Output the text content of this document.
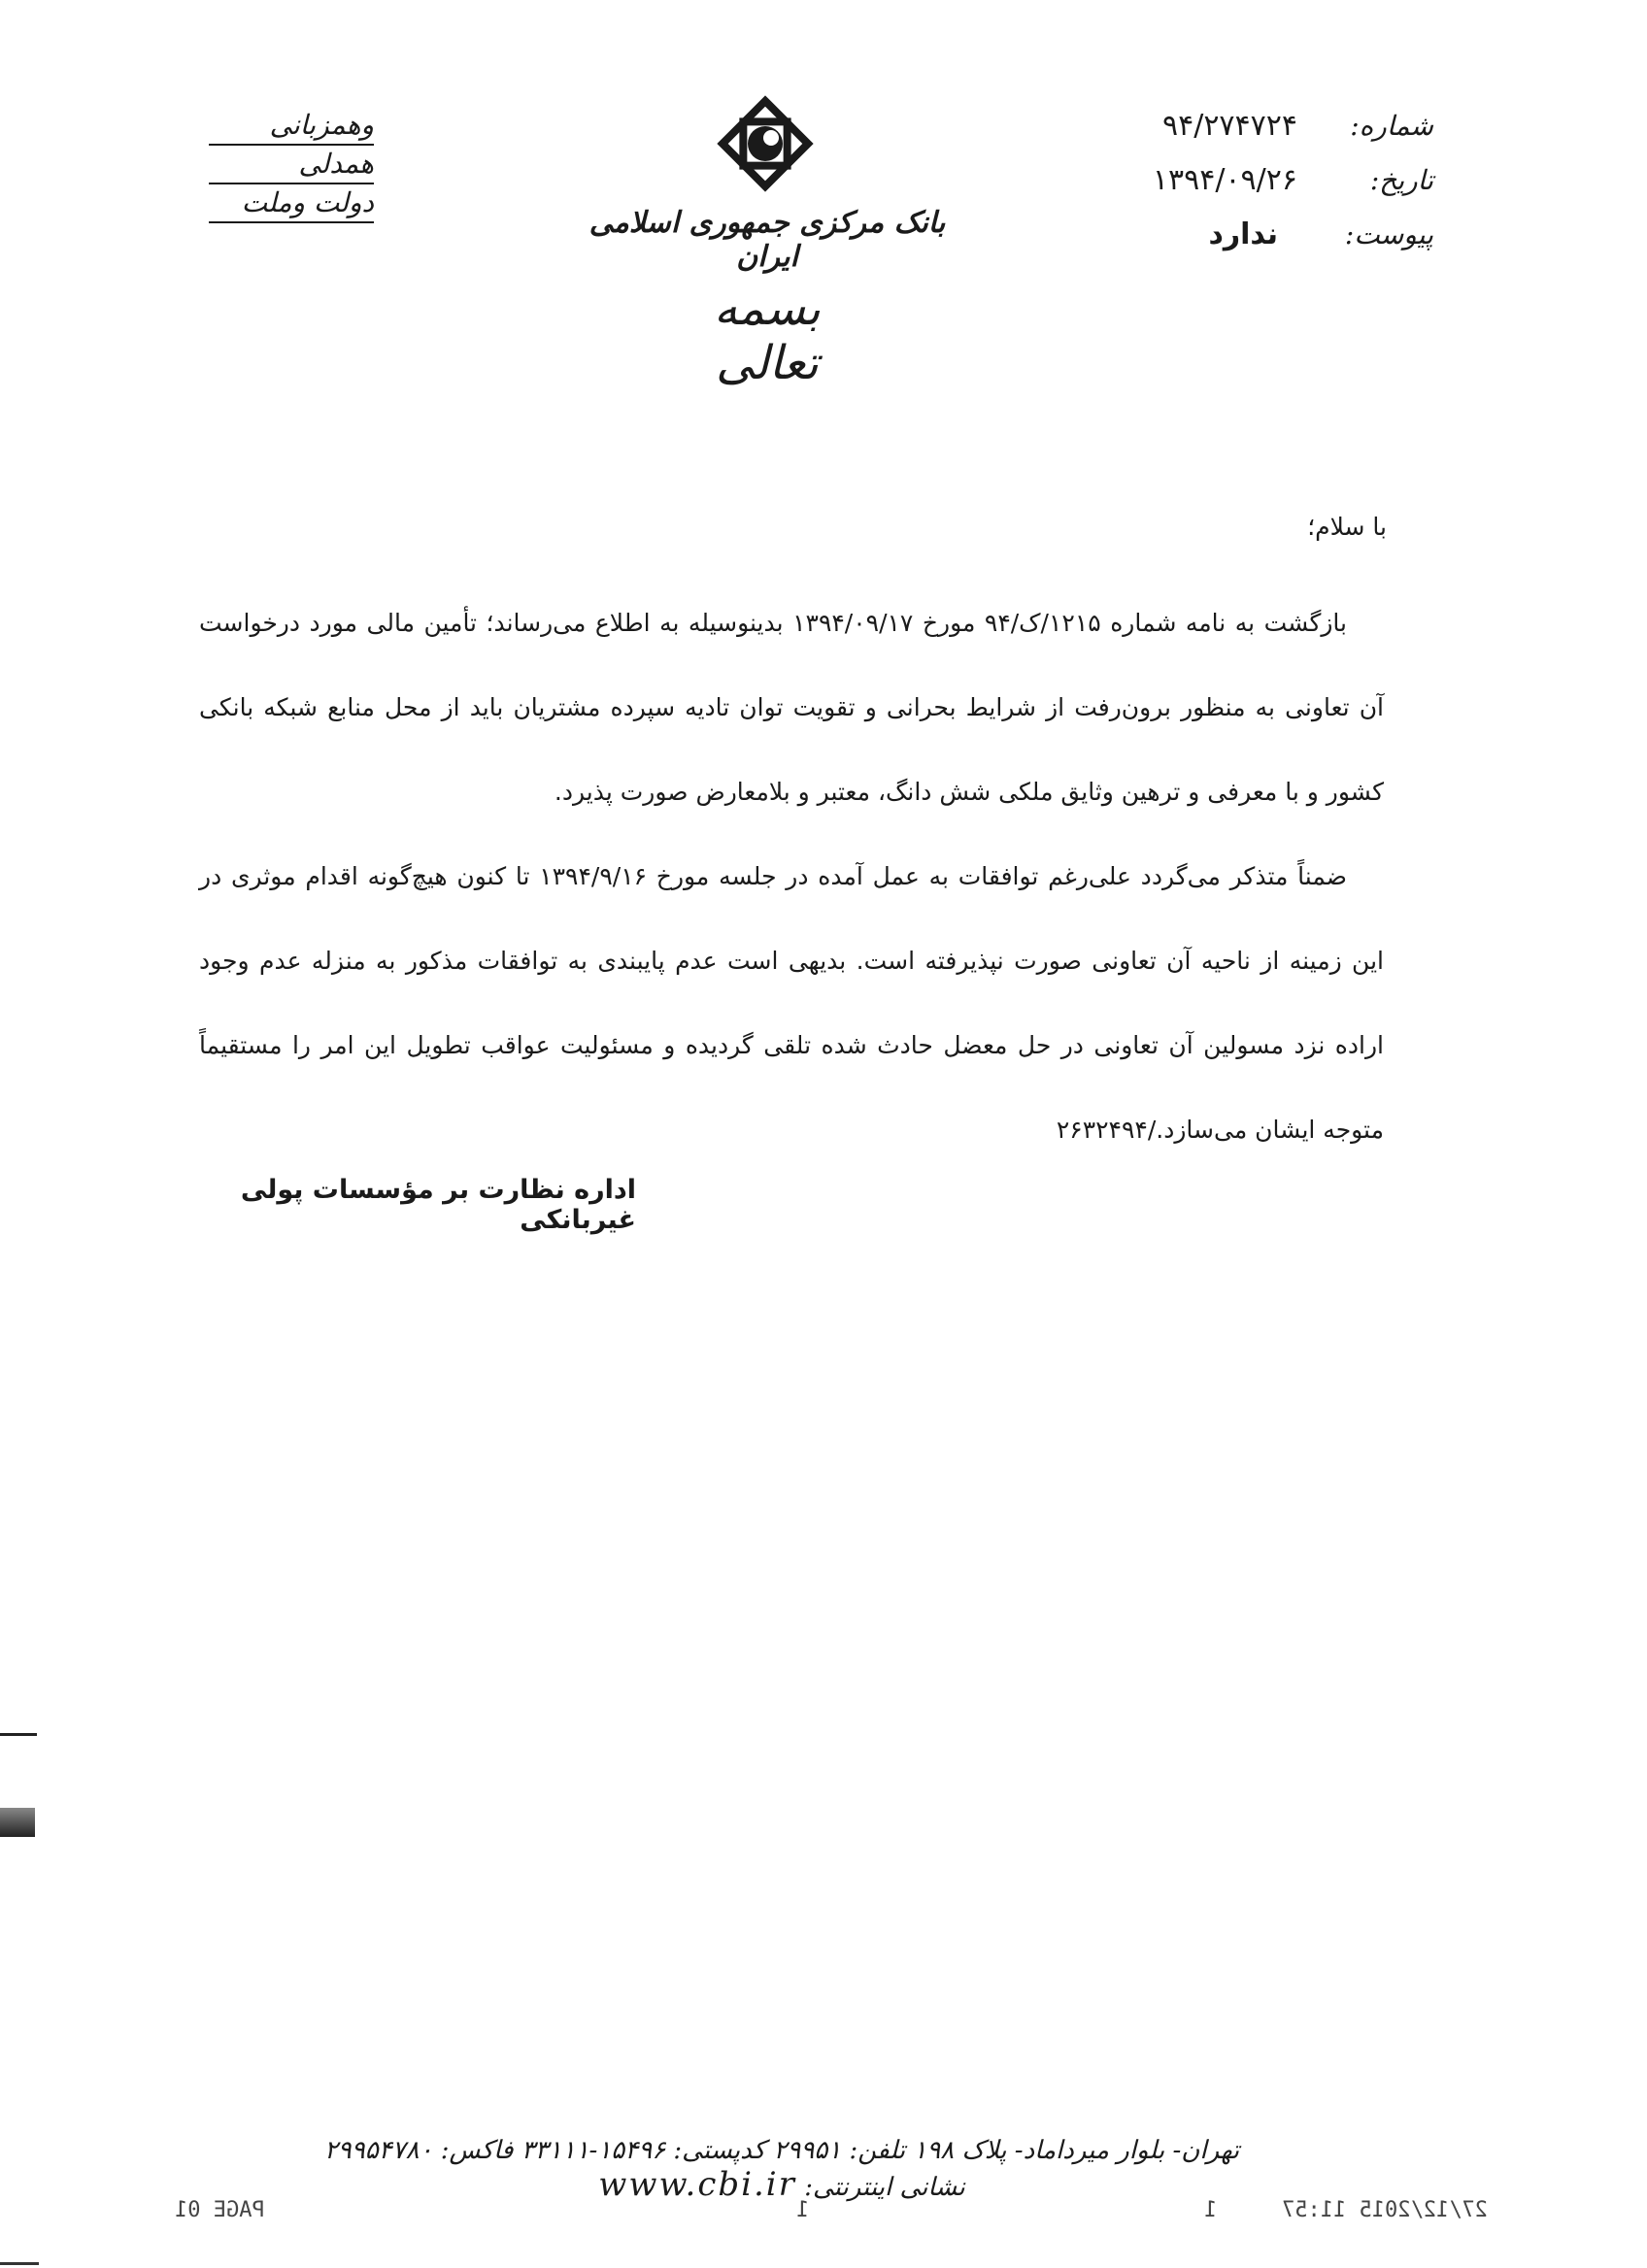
شماره:
۹۴/۲۷۴۷۲۴
تاریخ:
۱۳۹۴/۰۹/۲۶
پیوست:
ندارد
بانک مرکزی جمهوری اسلامی ایران
بسمه تعالی
وهمزبانی
همدلی
دولت وملت
با سلام؛

بازگشت به نامه شماره ۱۲۱۵/ک/۹۴ مورخ ۱۳۹۴/۰۹/۱۷ بدینوسیله به اطلاع می‌رساند؛ تأمین مالی مورد درخواست آن تعاونی به منظور برون‌رفت از شرایط بحرانی و تقویت توان تادیه سپرده مشتریان باید از محل منابع شبکه بانکی کشور و با معرفی و ترهین وثایق ملکی شش دانگ، معتبر و بلامعارض صورت پذیرد.

ضمناً متذکر می‌گردد علی‌رغم توافقات به عمل آمده در جلسه مورخ ۱۳۹۴/۹/۱۶ تا کنون هیچ‌گونه اقدام موثری در این زمینه از ناحیه آن تعاونی صورت نپذیرفته است. بدیهی است عدم پایبندی به توافقات مذکور به منزله عدم وجود اراده نزد مسولین آن تعاونی در حل معضل حادث شده تلقی گردیده و مسئولیت عواقب تطویل این امر را مستقیماً متوجه ایشان می‌سازد./۲۶۳۲۴۹۴

اداره نظارت بر مؤسسات پولی غیربانکی
تهران- بلوار میرداماد- پلاک ۱۹۸ تلفن: ۲۹۹۵۱ کدپستی: ۱۵۴۹۶-۳۳۱۱۱ فاکس: ۲۹۹۵۴۷۸۰ نشانی اینترنتی: www.cbi.ir
PAGE 01	1	1	27/12/2015 11:57
